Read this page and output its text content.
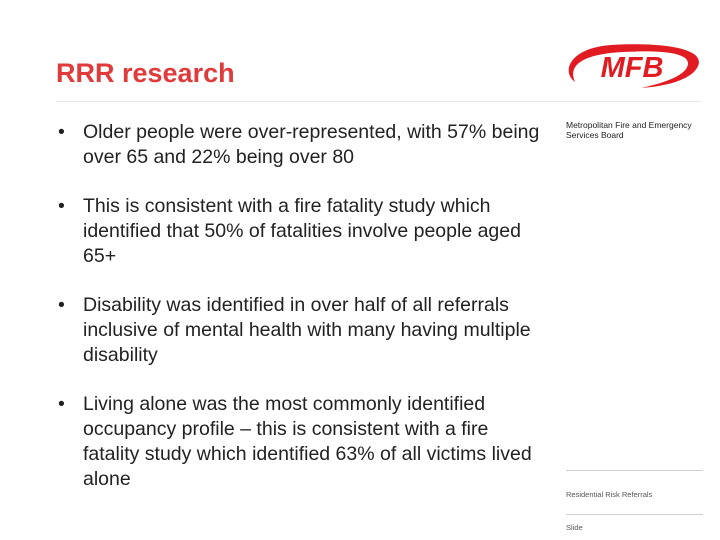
RRR research	MFB
Metropolitan Fire and Emergency Services Board
• Older people were over-represented, with 57% being over 65 and 22% being over 80
• This is consistent with a fire fatality study which identified that 50% of fatalities involve people aged 65+
• Disability was identified in over half of all referrals inclusive of mental health with many having multiple disability
• Living alone was the most commonly identified occupancy profile – this is consistent with a fire fatality study which identified 63% of all victims lived alone
Residential Risk Referrals
Slide
